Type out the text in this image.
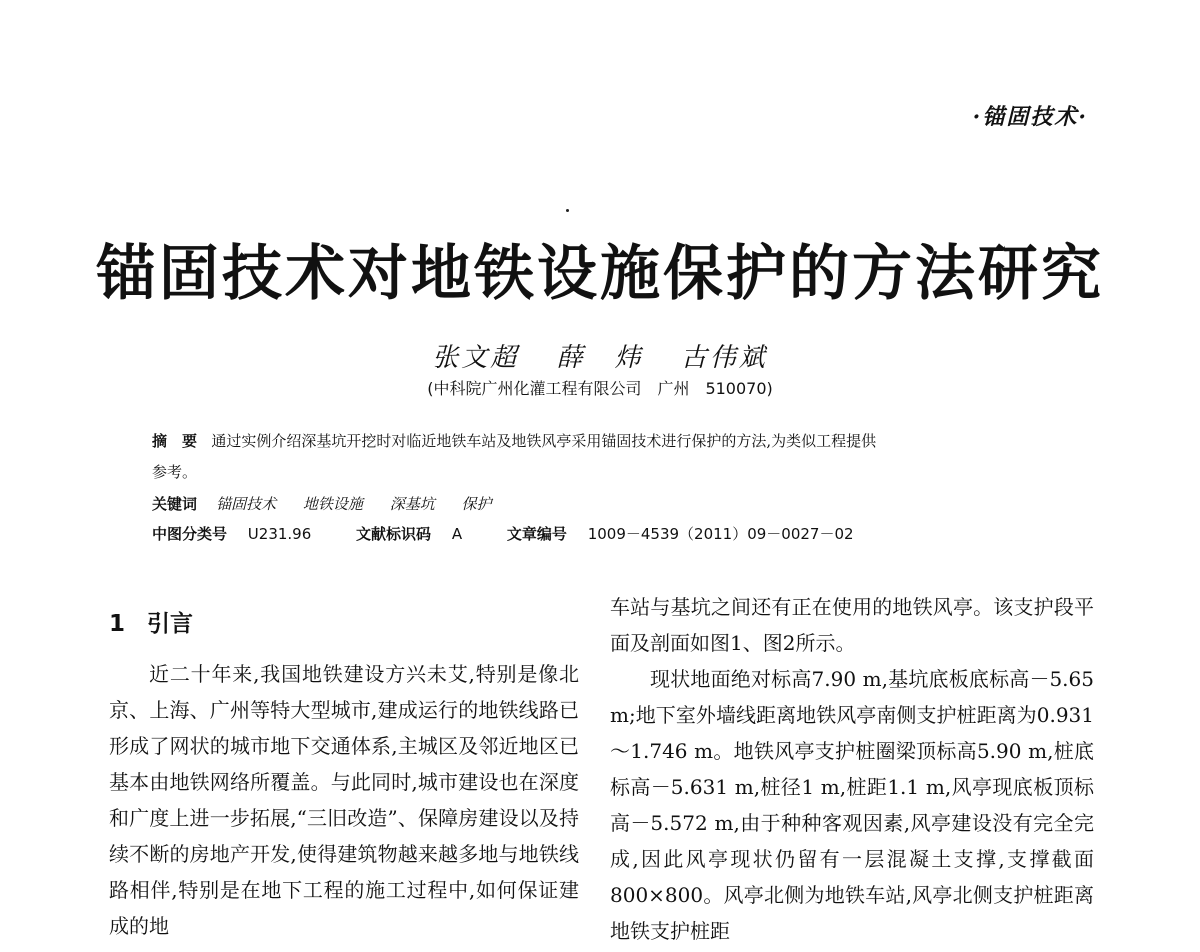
·锚固技术·
锚固技术对地铁设施保护的方法研究
张文超 薛　炜 古伟斌
(中科院广州化灌工程有限公司　广州　510070)
摘　要 通过实例介绍深基坑开挖时对临近地铁车站及地铁风亭采用锚固技术进行保护的方法,为类似工程提供
参考。
关键词 锚固技术 地铁设施 深基坑 保护
中图分类号 U231.96	文献标识码 A	文章编号 1009－4539（2011）09－0027－02
1 引言

近二十年来,我国地铁建设方兴未艾,特别是像北京、上海、广州等特大型城市,建成运行的地铁线路已形成了网状的城市地下交通体系,主城区及邻近地区已基本由地铁网络所覆盖。与此同时,城市建设也在深度和广度上进一步拓展,“三旧改造”、保障房建设以及持续不断的房地产开发,使得建筑物越来越多地与地铁线路相伴,特别是在地下工程的施工过程中,如何保证建成的地

车站与基坑之间还有正在使用的地铁风亭。该支护段平面及剖面如图1、图2所示。

现状地面绝对标高7.90 m,基坑底板底标高－5.65 m;地下室外墙线距离地铁风亭南侧支护桩距离为0.931～1.746 m。地铁风亭支护桩圈梁顶标高5.90 m,桩底标高－5.631 m,桩径1 m,桩距1.1 m,风亭现底板顶标高－5.572 m,由于种种客观因素,风亭建设没有完全完成,因此风亭现状仍留有一层混凝土支撑,支撑截面800×800。风亭北侧为地铁车站,风亭北侧支护桩距离地铁支护桩距
